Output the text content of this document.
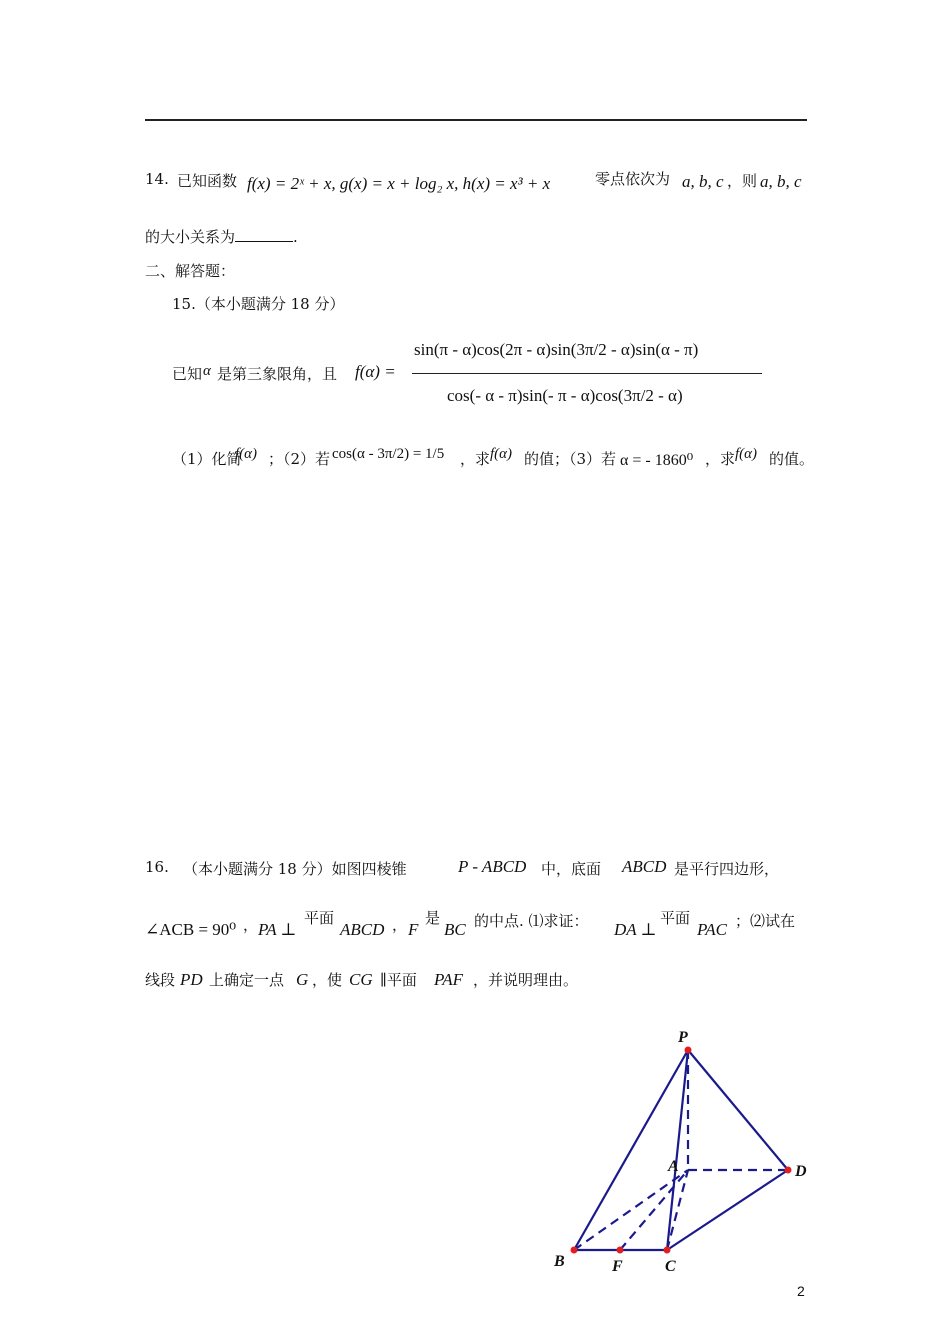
14. 已知函数 f(x) = 2ˣ + x, g(x) = x + log₂ x, h(x) = x³ + x	零点依次为 a, b, c ，则 a, b, c
的大小关系为	.
二、解答题：
15.（本小题满分 18 分）
已知 α 是第三象限角，且 f(α) =
sin(π - α)cos(2π - α)sin(3π/2 - α)sin(α - π)
cos(- α - π)sin(- π - α)cos(3π/2 - α)
（1）化简
f(α) ；（2）若 cos(α - 3π/2) = 1/5 ，求 f(α) 的值；（3）若 α = - 1860⁰ ，求 f(α) 的值。
16. （本小题满分 18 分）如图四棱锥	P - ABCD 中，底面 ABCD 是平行四边形，
∠ACB = 90⁰ ， PA ⊥
平面
ABCD ， F
是
BC 的中点. ⑴求证： DA ⊥
平面
PAC ；⑵试在
线段 PD 上确定一点 G ，使 CG ∥平面 PAF ，并说明理由。
P
A	D
B	F	C
2
